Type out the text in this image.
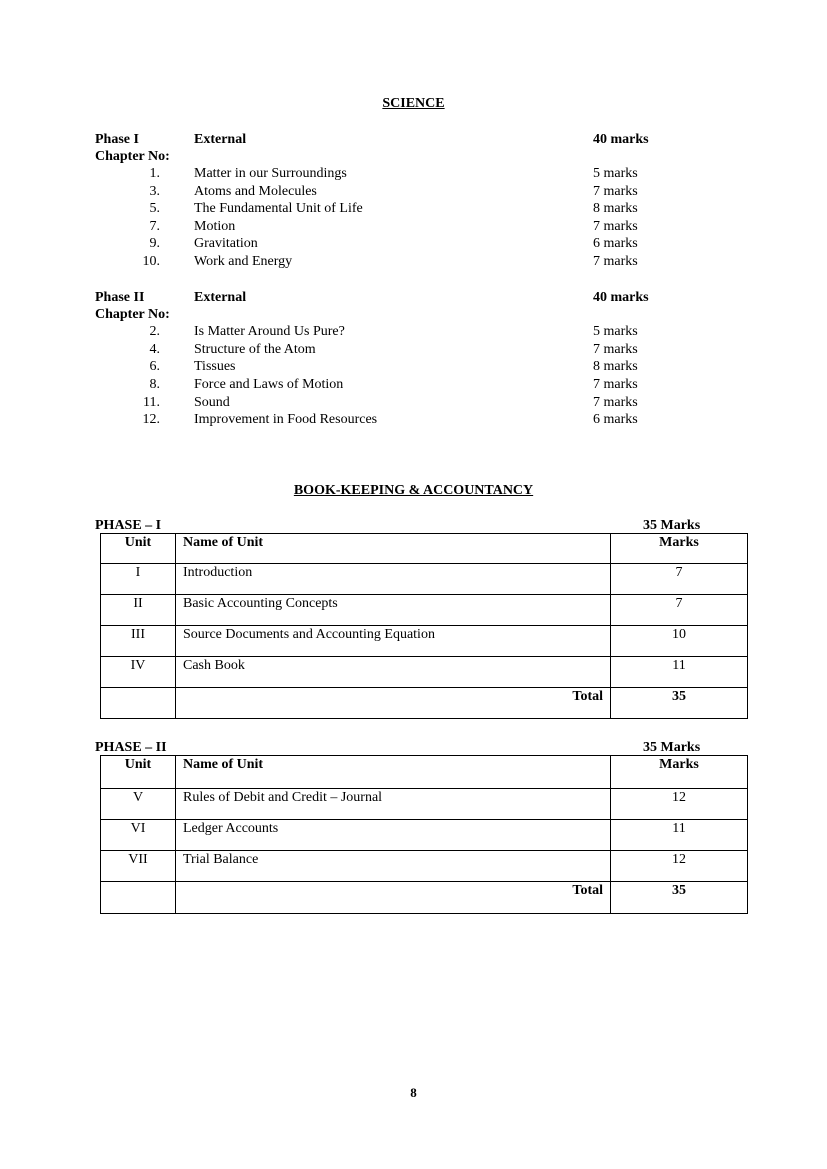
SCIENCE
Phase I	External	40 marks
Chapter No:
1. Matter in our Surroundings	5 marks
3. Atoms and Molecules	7 marks
5. The Fundamental Unit of Life	8 marks
7. Motion	7 marks
9. Gravitation	6 marks
10. Work and Energy	7 marks
Phase II	External	40 marks
Chapter No:
2. Is Matter Around Us Pure?	5 marks
4. Structure of the Atom	7 marks
6. Tissues	8 marks
8. Force and Laws of Motion	7 marks
11. Sound	7 marks
12. Improvement in Food Resources	6 marks
BOOK-KEEPING & ACCOUNTANCY
PHASE – I	35 Marks
Unit	Name of Unit	Marks

I	Introduction	7

II	Basic Accounting Concepts	7

III	Source Documents and Accounting Equation	10

IV	Cash Book	11

	Total	35
PHASE – II	35 Marks
Unit	Name of Unit	Marks

V	Rules of Debit and Credit – Journal	12

VI	Ledger Accounts	11

VII	Trial Balance	12

	Total	35
8
